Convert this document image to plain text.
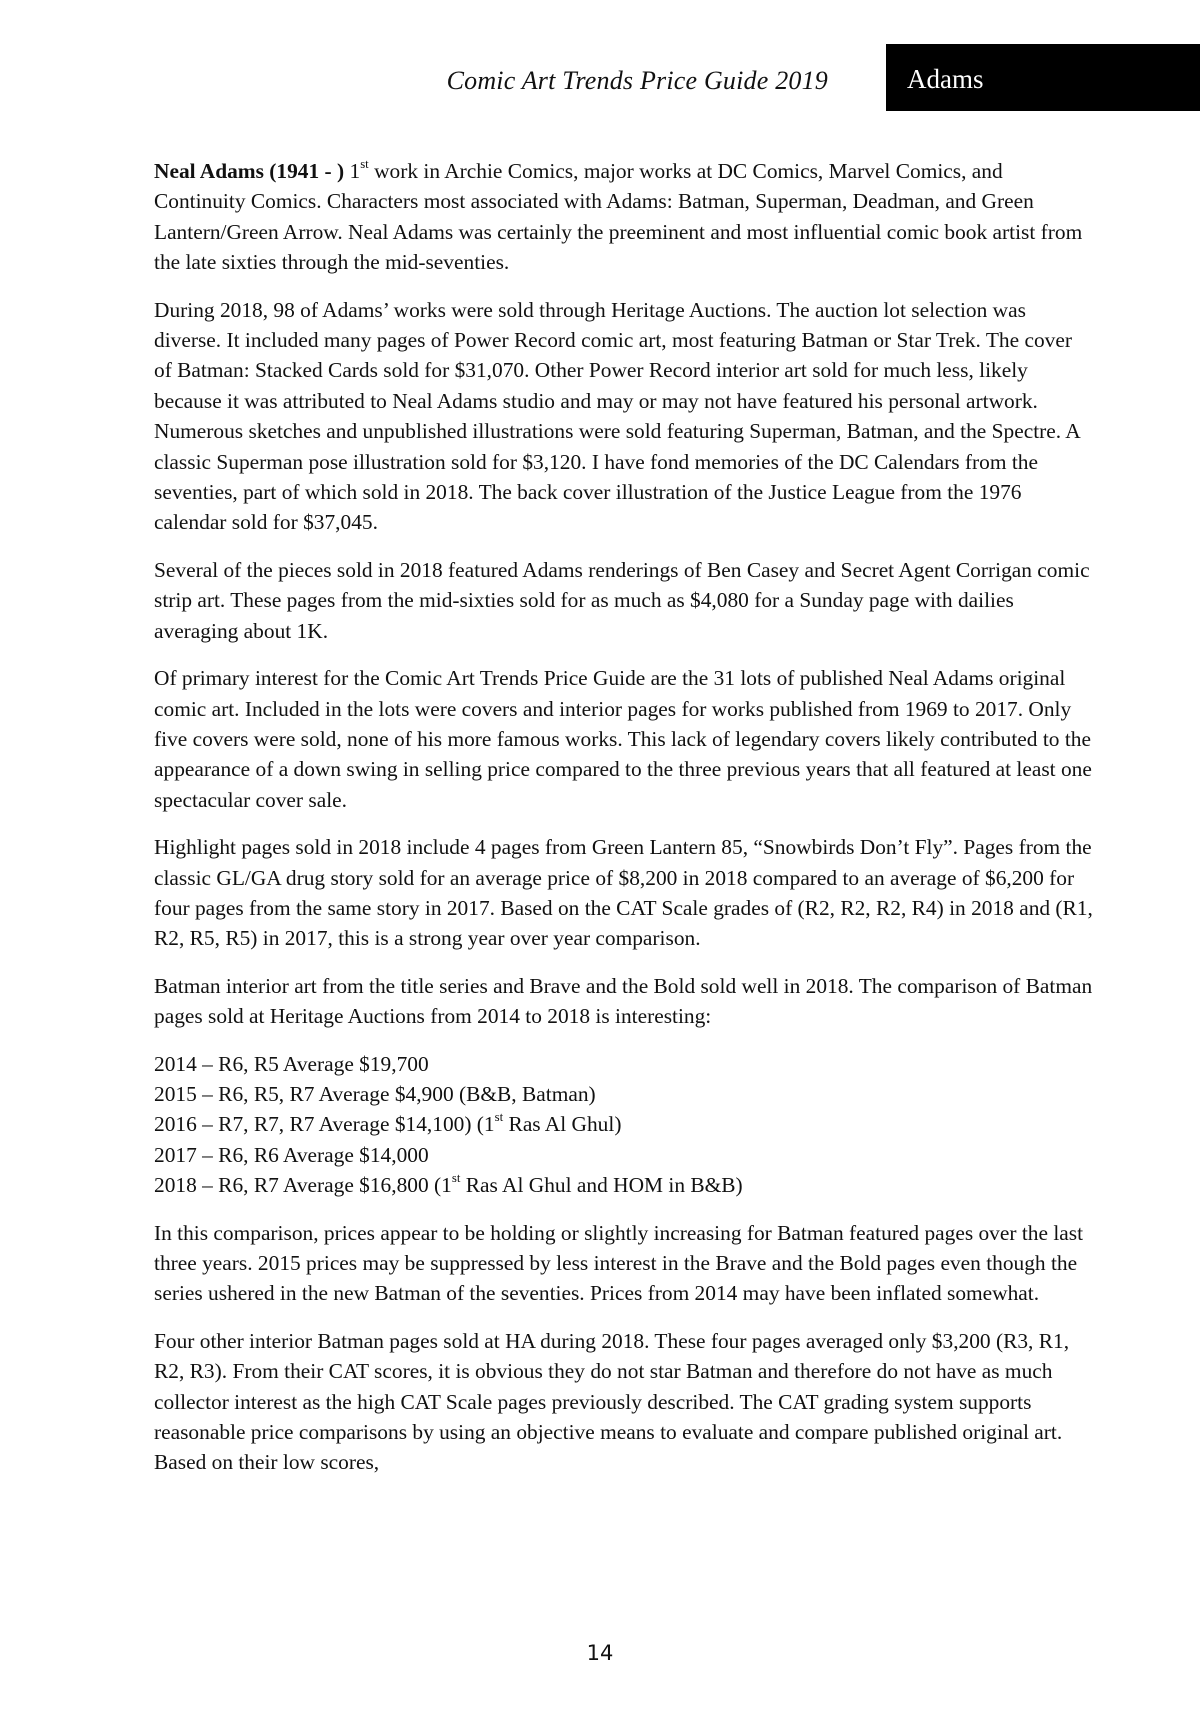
Comic Art Trends Price Guide 2019	Adams

Neal Adams (1941 - ) 1st work in Archie Comics, major works at DC Comics, Marvel Comics, and Continuity Comics. Characters most associated with Adams: Batman, Superman, Deadman, and Green Lantern/Green Arrow. Neal Adams was certainly the preeminent and most influential comic book artist from the late sixties through the mid-seventies.

During 2018, 98 of Adams’ works were sold through Heritage Auctions. The auction lot selection was diverse. It included many pages of Power Record comic art, most featuring Batman or Star Trek. The cover of Batman: Stacked Cards sold for $31,070. Other Power Record interior art sold for much less, likely because it was attributed to Neal Adams studio and may or may not have featured his personal artwork. Numerous sketches and unpublished illustrations were sold featuring Superman, Batman, and the Spectre. A classic Superman pose illustration sold for $3,120. I have fond memories of the DC Calendars from the seventies, part of which sold in 2018. The back cover illustration of the Justice League from the 1976 calendar sold for $37,045.

Several of the pieces sold in 2018 featured Adams renderings of Ben Casey and Secret Agent Corrigan comic strip art. These pages from the mid-sixties sold for as much as $4,080 for a Sunday page with dailies averaging about 1K.

Of primary interest for the Comic Art Trends Price Guide are the 31 lots of published Neal Adams original comic art. Included in the lots were covers and interior pages for works published from 1969 to 2017. Only five covers were sold, none of his more famous works. This lack of legendary covers likely contributed to the appearance of a down swing in selling price compared to the three previous years that all featured at least one spectacular cover sale.

Highlight pages sold in 2018 include 4 pages from Green Lantern 85, “Snowbirds Don’t Fly”. Pages from the classic GL/GA drug story sold for an average price of $8,200 in 2018 compared to an average of $6,200 for four pages from the same story in 2017. Based on the CAT Scale grades of (R2, R2, R2, R4) in 2018 and (R1, R2, R5, R5) in 2017, this is a strong year over year comparison.

Batman interior art from the title series and Brave and the Bold sold well in 2018. The comparison of Batman pages sold at Heritage Auctions from 2014 to 2018 is interesting:

2014 – R6, R5 Average $19,700
2015 – R6, R5, R7 Average $4,900 (B&B, Batman)
2016 – R7, R7, R7 Average $14,100) (1st Ras Al Ghul)
2017 – R6, R6 Average $14,000
2018 – R6, R7 Average $16,800 (1st Ras Al Ghul and HOM in B&B)

In this comparison, prices appear to be holding or slightly increasing for Batman featured pages over the last three years. 2015 prices may be suppressed by less interest in the Brave and the Bold pages even though the series ushered in the new Batman of the seventies. Prices from 2014 may have been inflated somewhat.

Four other interior Batman pages sold at HA during 2018. These four pages averaged only $3,200 (R3, R1, R2, R3). From their CAT scores, it is obvious they do not star Batman and therefore do not have as much collector interest as the high CAT Scale pages previously described. The CAT grading system supports reasonable price comparisons by using an objective means to evaluate and compare published original art. Based on their low scores,

14
